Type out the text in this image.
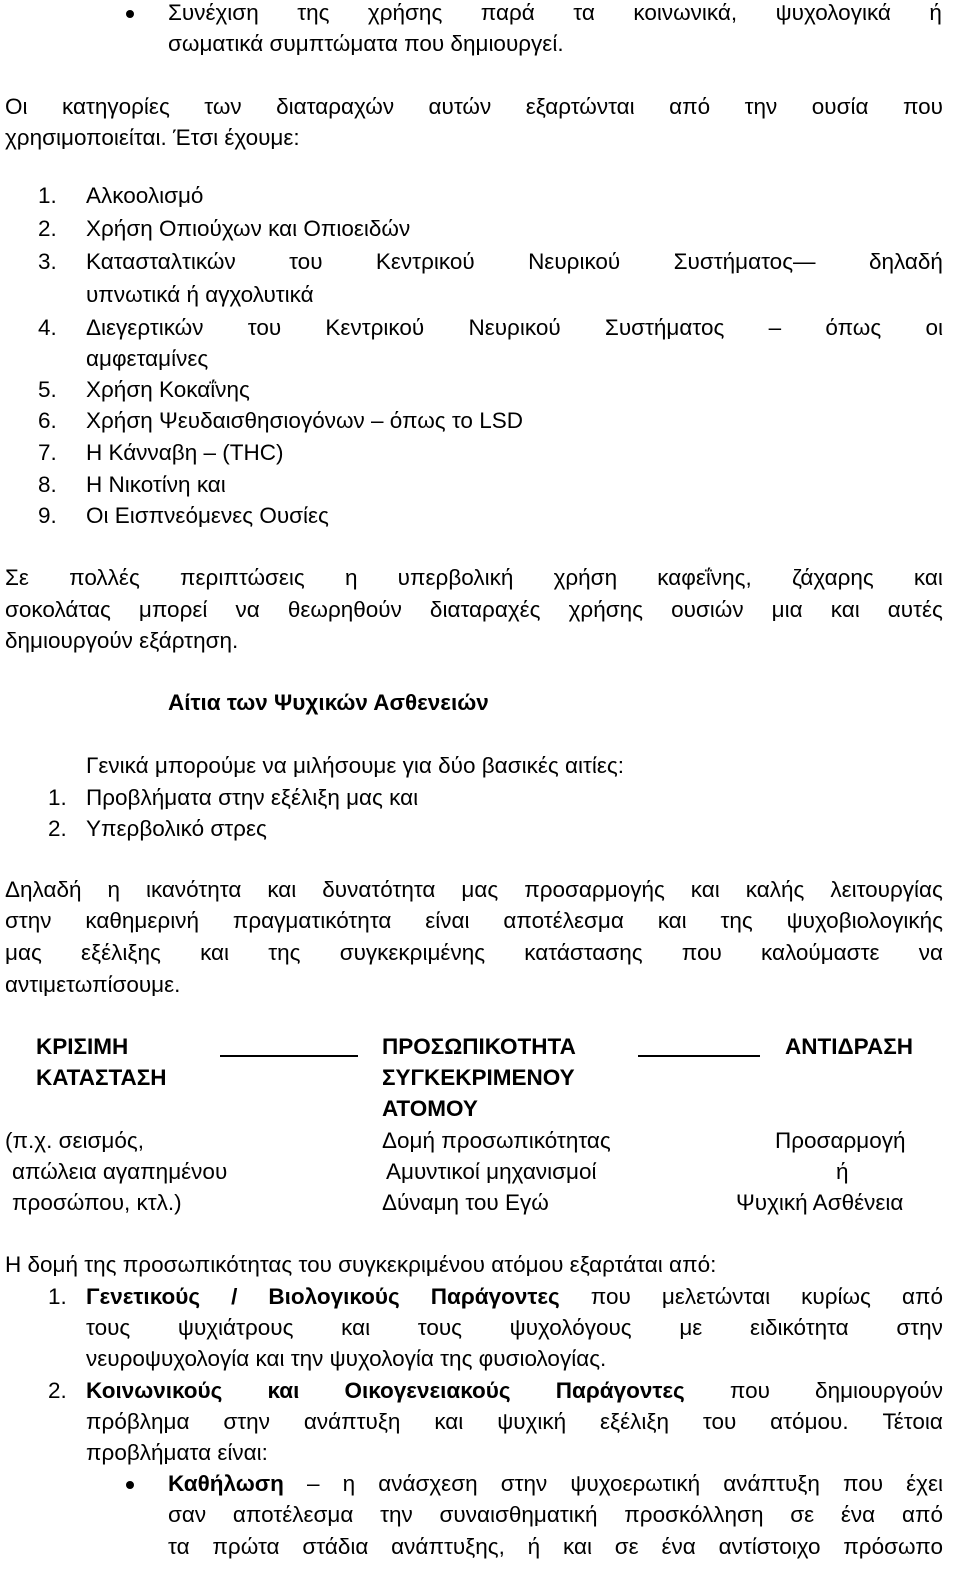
Συνέχιση της χρήσης παρά τα κοινωνικά, ψυχολογικά ή
σωματικά συμπτώματα που δημιουργεί.
Οι κατηγορίες των διαταραχών αυτών εξαρτώνται από την ουσία που
χρησιμοποιείται. Έτσι έχουμε:
1. Αλκοολισμό
2. Χρήση Οπιούχων και Οπιοειδών
3. Κατασταλτικών του Κεντρικού Νευρικού Συστήματος— δηλαδή
υπνωτικά ή αγχολυτικά
4. Διεγερτικών του Κεντρικού Νευρικού Συστήματος – όπως οι
αμφεταμίνες
5. Χρήση Κοκαΐνης
6. Χρήση Ψευδαισθησιογόνων – όπως το LSD
7. Η Κάνναβη – (THC)
8. Η Νικοτίνη και
9. Οι Εισπνεόμενες Ουσίες
Σε πολλές περιπτώσεις η υπερβολική χρήση καφεΐνης, ζάχαρης και
σοκολάτας μπορεί να θεωρηθούν διαταραχές χρήσης ουσιών μια και αυτές
δημιουργούν εξάρτηση.
Αίτια των Ψυχικών Ασθενειών
Γενικά μπορούμε να μιλήσουμε για δύο βασικές αιτίες:
1. Προβλήματα στην εξέλιξη μας και
2. Υπερβολικό στρες
Δηλαδή η ικανότητα και δυνατότητα μας προσαρμογής και καλής λειτουργίας
στην καθημερινή πραγματικότητα είναι αποτέλεσμα και της ψυχοβιολογικής
μας εξέλιξης και της συγκεκριμένης κατάστασης που καλούμαστε να
αντιμετωπίσουμε.
ΚΡΙΣΙΜΗ
ΚΑΤΑΣΤΑΣΗ
ΠΡΟΣΩΠΙΚΟΤΗΤΑ
ΣΥΓΚΕΚΡΙΜΕΝΟΥ
ΑΤΟΜΟΥ
ΑΝΤΙΔΡΑΣΗ
(π.χ. σεισμός,
απώλεια αγαπημένου
προσώπου, κτλ.)
Δομή προσωπικότητας
Αμυντικοί μηχανισμοί
Δύναμη του Εγώ
Προσαρμογή
ή
Ψυχική Ασθένεια
Η δομή της προσωπικότητας του συγκεκριμένου ατόμου εξαρτάται από:
1. Γενετικούς / Βιολογικούς Παράγοντες που μελετώνται κυρίως από
τους ψυχιάτρους και τους ψυχολόγους με ειδικότητα στην
νευροψυχολογία και την ψυχολογία της φυσιολογίας.
2. Κοινωνικούς και Οικογενειακούς Παράγοντες που δημιουργούν
πρόβλημα στην ανάπτυξη και ψυχική εξέλιξη του ατόμου. Τέτοια
προβλήματα είναι:
Καθήλωση – η ανάσχεση στην ψυχοερωτική ανάπτυξη που έχει
σαν αποτέλεσμα την συναισθηματική προσκόλληση σε ένα από
τα πρώτα στάδια ανάπτυξης, ή και σε ένα αντίστοιχο πρόσωπο
